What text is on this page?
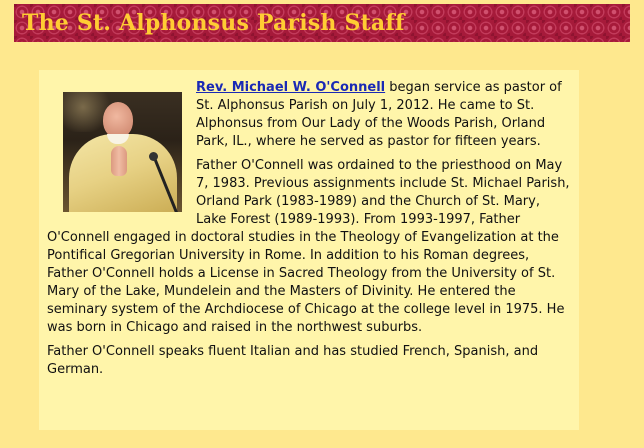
The St. Alphonsus Parish Staff

Rev. Michael W. O'Connell began service as pastor of St. Alphonsus Parish on July 1, 2012. He came to St. Alphonsus from Our Lady of the Woods Parish, Orland Park, IL., where he served as pastor for fifteen years.

Father O'Connell was ordained to the priesthood on May 7, 1983. Previous assignments include St. Michael Parish, Orland Park (1983-1989) and the Church of St. Mary, Lake Forest (1989-1993). From 1993-1997, Father O'Connell engaged in doctoral studies in the Theology of Evangelization at the Pontifical Gregorian University in Rome. In addition to his Roman degrees, Father O'Connell holds a License in Sacred Theology from the University of St. Mary of the Lake, Mundelein and the Masters of Divinity. He entered the seminary system of the Archdiocese of Chicago at the college level in 1975. He was born in Chicago and raised in the northwest suburbs.

Father O'Connell speaks fluent Italian and has studied French, Spanish, and German.
